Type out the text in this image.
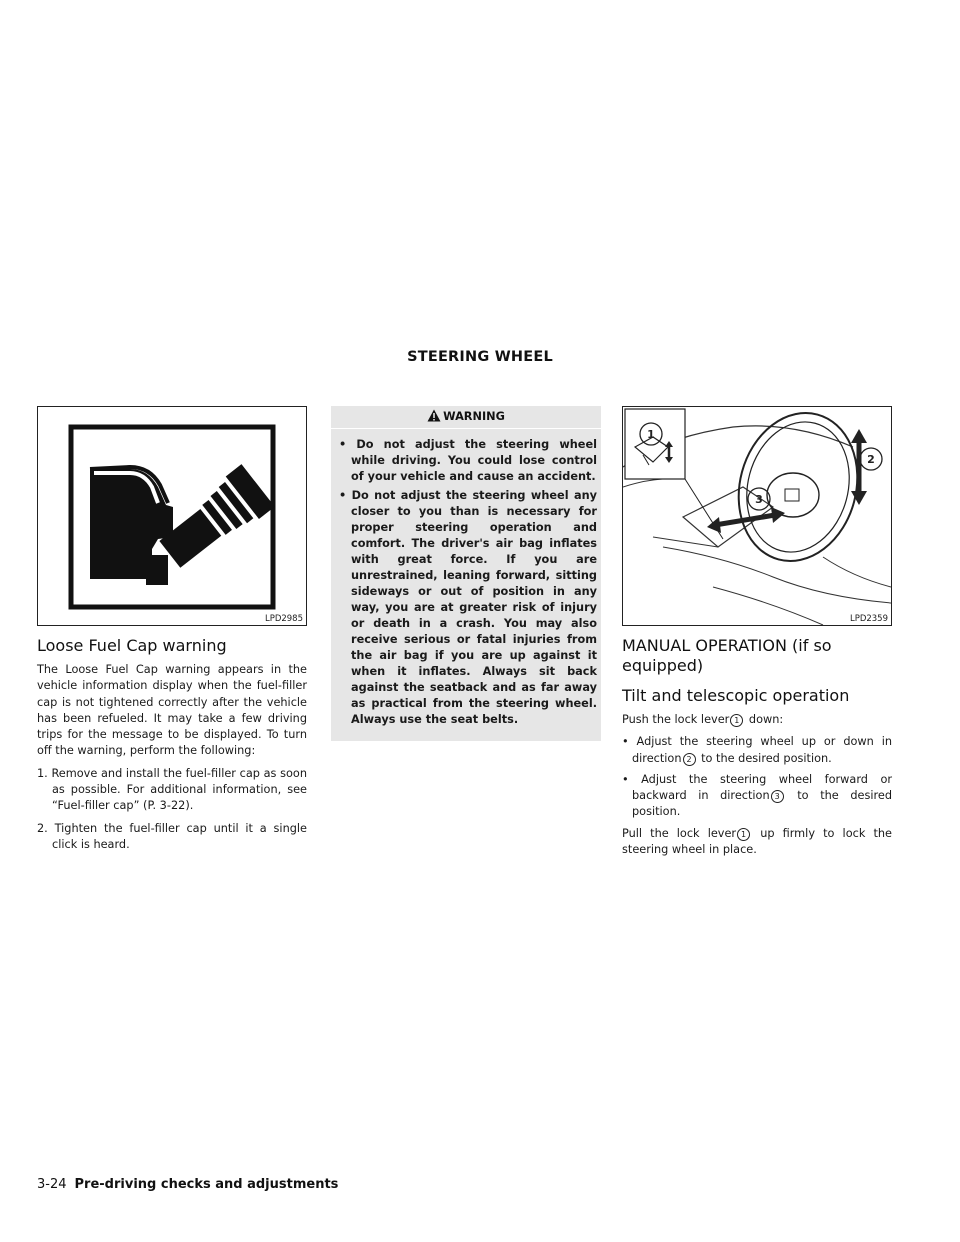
STEERING WHEEL
LPD2985
Loose Fuel Cap warning

The Loose Fuel Cap warning appears in the vehicle information display when the fuel-filler cap is not tightened correctly after the vehicle has been refueled. It may take a few driving trips for the message to be displayed. To turn off the warning, perform the following:

1. Remove and install the fuel-filler cap as soon as possible. For additional information, see “Fuel-filler cap” (P. 3-22).
2. Tighten the fuel-filler cap until it a single click is heard.
WARNING
• Do not adjust the steering wheel while driving. You could lose control of your vehicle and cause an accident.
• Do not adjust the steering wheel any closer to you than is necessary for proper steering operation and comfort. The driver's air bag inflates with great force. If you are unrestrained, leaning forward, sitting sideways or out of position in any way, you are at greater risk of injury or death in a crash. You may also receive serious or fatal injuries from the air bag if you are up against it when it inflates. Always sit back against the seatback and as far away as practical from the steering wheel. Always use the seat belts.
1
2
3
LPD2359
MANUAL OPERATION (if so equipped)
Tilt and telescopic operation

Push the lock lever 1 down:

• Adjust the steering wheel up or down in direction 2 to the desired position.
• Adjust the steering wheel forward or backward in direction 3 to the desired position.

Pull the lock lever 1 up firmly to lock the steering wheel in place.

3-24 Pre-driving checks and adjustments
